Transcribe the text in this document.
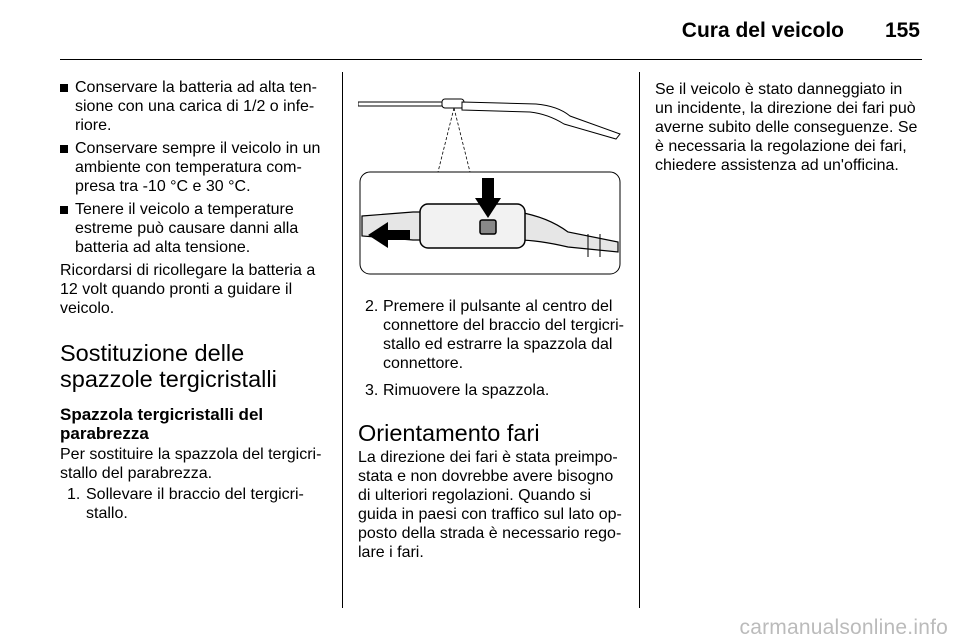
Cura del veicolo 155
Conservare la batteria ad alta ten-sione con una carica di 1/2 o infe-riore.
Conservare sempre il veicolo in un ambiente con temperatura com-presa tra -10 °C e 30 °C.
Tenere il veicolo a temperature estreme può causare danni alla batteria ad alta tensione.
Ricordarsi di ricollegare la batteria a 12 volt quando pronti a guidare il veicolo.
Sostituzione delle spazzole tergicristalli
Spazzola tergicristalli del parabrezza
Per sostituire la spazzola del tergicri-stallo del parabrezza.
1. Sollevare il braccio del tergicri-stallo.
2. Premere il pulsante al centro del connettore del braccio del tergicri-stallo ed estrarre la spazzola dal connettore.
3. Rimuovere la spazzola.
Orientamento fari
La direzione dei fari è stata preimpo-stata e non dovrebbe avere bisogno di ulteriori regolazioni. Quando si guida in paesi con traffico sul lato op-posto della strada è necessario rego-lare i fari.
Se il veicolo è stato danneggiato in un incidente, la direzione dei fari può averne subito delle conseguenze. Se è necessaria la regolazione dei fari, chiedere assistenza ad un'officina.
carmanualsonline.info
